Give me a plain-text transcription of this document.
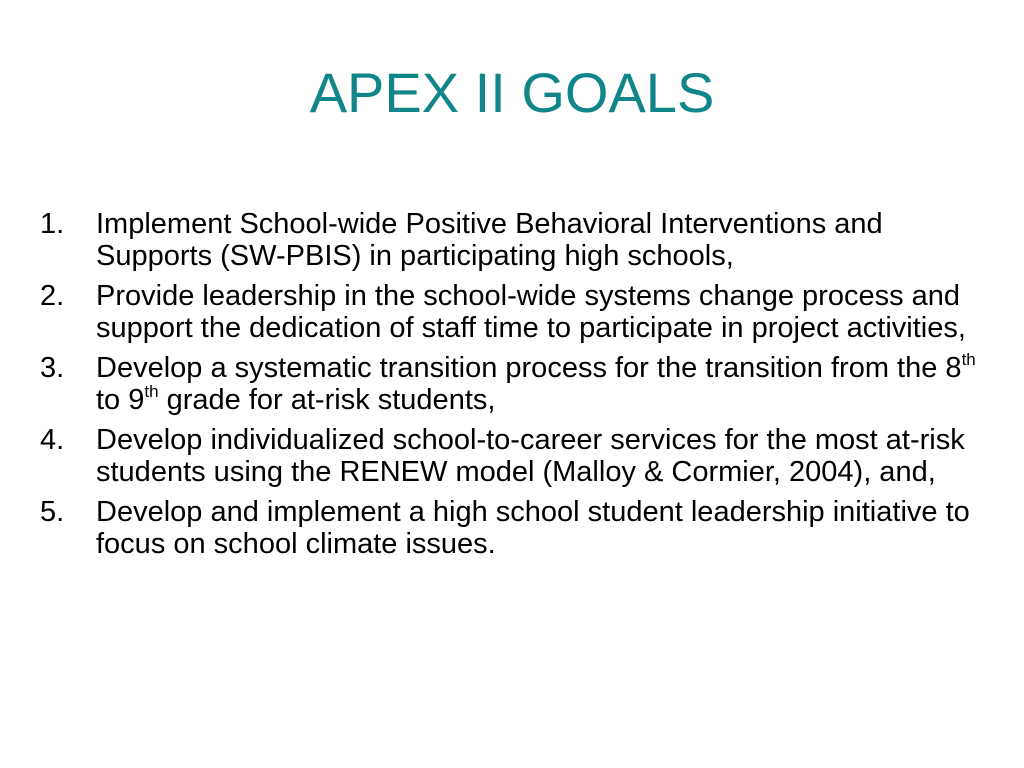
APEX II GOALS
1.	Implement School-wide Positive Behavioral Interventions and Supports (SW-PBIS) in participating high schools,
2.	Provide leadership in the school-wide systems change process and support the dedication of staff time to participate in project activities,
3.	Develop a systematic transition process for the transition from the 8th to 9th grade for at-risk students,
4.	Develop individualized school-to-career services for the most at-risk students using the RENEW model (Malloy & Cormier, 2004), and,
5.	Develop and implement a high school student leadership initiative to focus on school climate issues.
